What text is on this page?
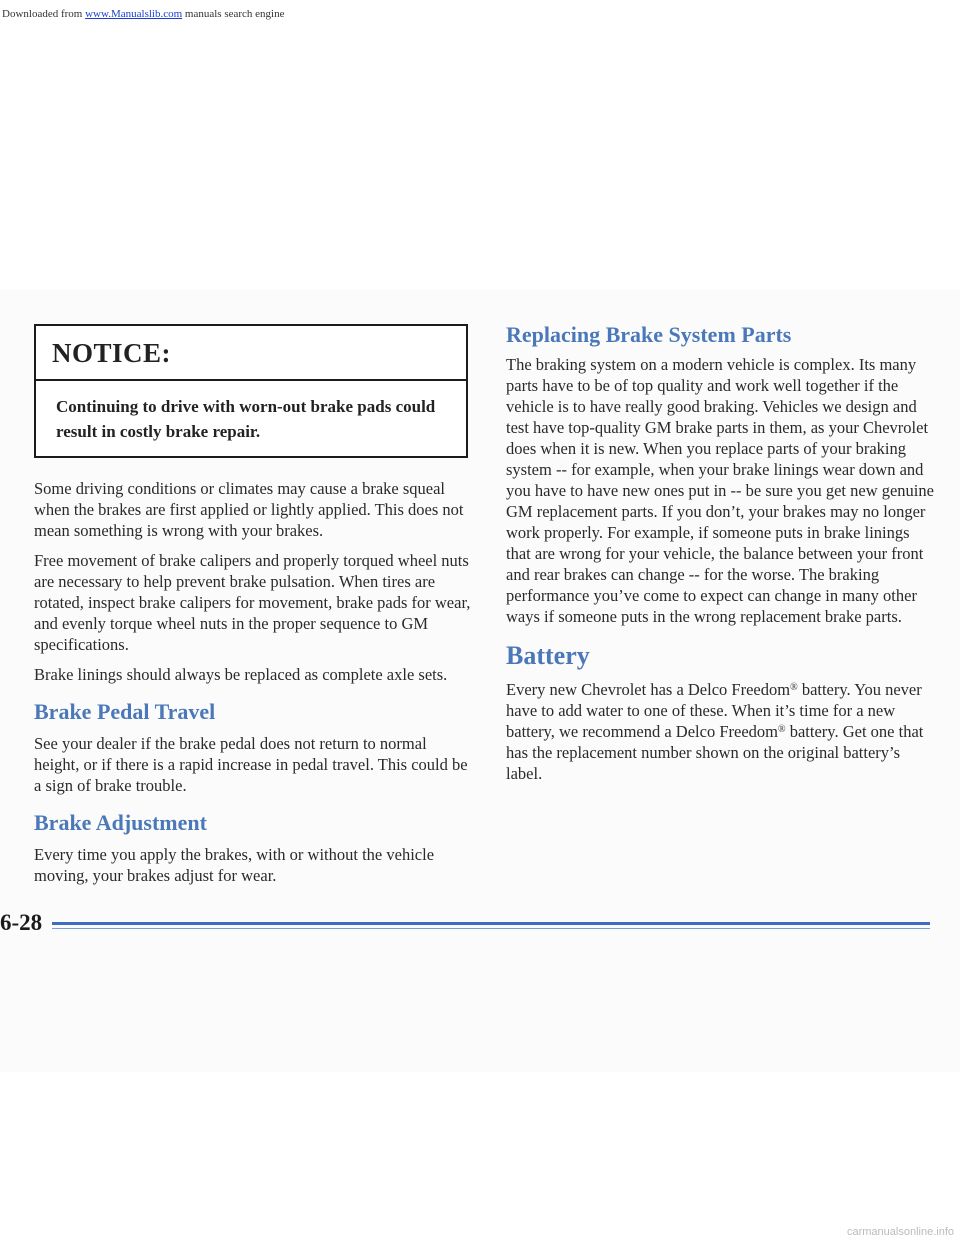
Downloaded from www.Manualslib.com manuals search engine
NOTICE:
Continuing to drive with worn-out brake pads could result in costly brake repair.

Some driving conditions or climates may cause a brake squeal when the brakes are first applied or lightly applied. This does not mean something is wrong with your brakes.

Free movement of brake calipers and properly torqued wheel nuts are necessary to help prevent brake pulsation. When tires are rotated, inspect brake calipers for movement, brake pads for wear, and evenly torque wheel nuts in the proper sequence to GM specifications.

Brake linings should always be replaced as complete axle sets.

Brake Pedal Travel

See your dealer if the brake pedal does not return to normal height, or if there is a rapid increase in pedal travel. This could be a sign of brake trouble.

Brake Adjustment

Every time you apply the brakes, with or without the vehicle moving, your brakes adjust for wear.

Replacing Brake System Parts

The braking system on a modern vehicle is complex. Its many parts have to be of top quality and work well together if the vehicle is to have really good braking. Vehicles we design and test have top-quality GM brake parts in them, as your Chevrolet does when it is new. When you replace parts of your braking system -- for example, when your brake linings wear down and you have to have new ones put in -- be sure you get new genuine GM replacement parts. If you don’t, your brakes may no longer work properly. For example, if someone puts in brake linings that are wrong for your vehicle, the balance between your front and rear brakes can change -- for the worse. The braking performance you’ve come to expect can change in many other ways if someone puts in the wrong replacement brake parts.

Battery

Every new Chevrolet has a Delco Freedom® battery. You never have to add water to one of these. When it’s time for a new battery, we recommend a Delco Freedom® battery. Get one that has the replacement number shown on the original battery’s label.

6-28
carmanualsonline.info
